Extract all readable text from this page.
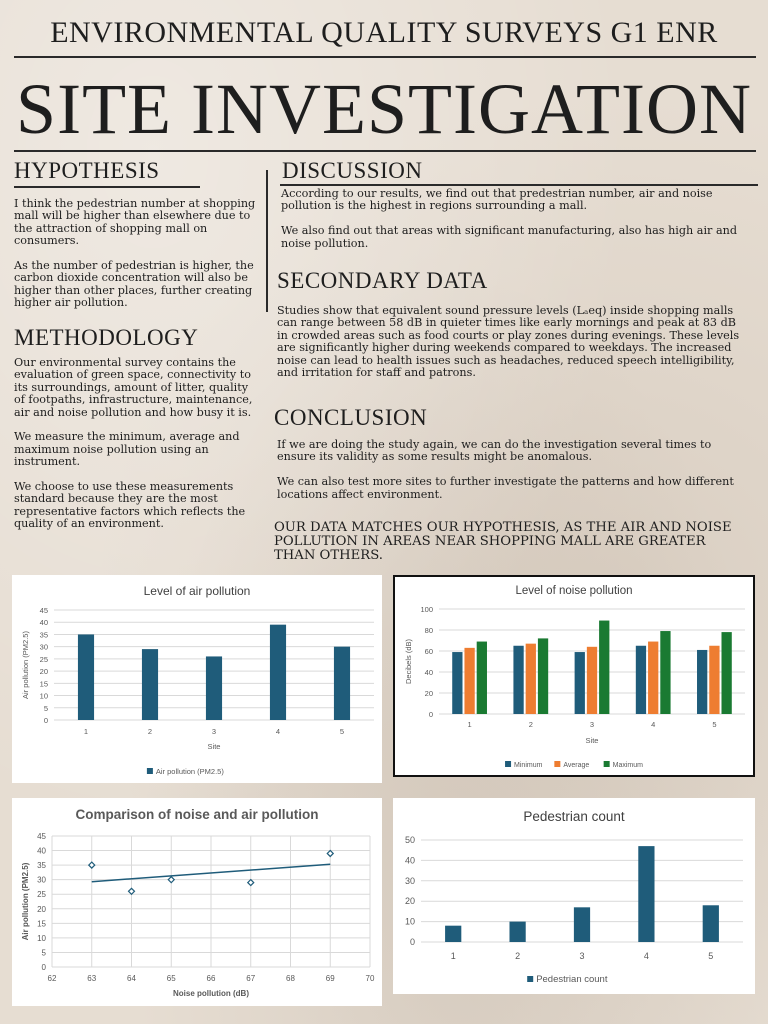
ENVIRONMENTAL QUALITY SURVEYS G1 ENR
SITE INVESTIGATION
HYPOTHESIS

I think the pedestrian number at shopping mall will be higher than elsewhere due to the attraction of shopping mall on consumers.

As the number of pedestrian is higher, the carbon dioxide concentration will also be higher than other places, further creating higher air pollution.

METHODOLOGY

Our environmental survey contains the evaluation of green space, connectivity to its surroundings, amount of litter, quality of footpaths, infrastructure, maintenance, air and noise pollution and how busy it is.

We measure the minimum, average and maximum noise pollution using an instrument.

We choose to use these measurements standard because they are the most representative factors which reflects the quality of an environment.

DISCUSSION

According to our results, we find out that predestrian number, air and noise pollution is the highest in regions surrounding a mall.

We also find out that areas with significant manufacturing, also has high air and noise pollution.

SECONDARY DATA

Studies show that equivalent sound pressure levels (Lₐeq) inside shopping malls can range between 58 dB in quieter times like early mornings and peak at 83 dB in crowded areas such as food courts or play zones during evenings. These levels are significantly higher during weekends compared to weekdays. The increased noise can lead to health issues such as headaches, reduced speech intelligibility, and irritation for staff and patrons.

CONCLUSION

If we are doing the study again, we can do the investigation several times to ensure its validity as some results might be anomalous.

We can also test more sites to further investigate the patterns and how different locations affect environment.

OUR DATA MATCHES OUR HYPOTHESIS, AS THE AIR AND NOISE POLLUTION IN AREAS NEAR SHOPPING MALL ARE GREATER THAN OTHERS.
Level of air pollution
0
5
10
15
20
25
30
35
40
45
1	2	3	4	5
Site
Air pollution (PM2.5)
Air pollution (PM2.5)
Level of noise pollution
0
20
40
60
80
100
1	2	3	4	5
Site
Decibels (dB)
Minimum	Average	Maximum
Comparison of noise and air pollution
0
5
10
15
20
25
30
35
40
45
62	63	64	65	66	67	68	69	70
Noise pollution (dB)
Air pollution (PM2.5)
Pedestrian count
0
10
20
30
40
50
1	2	3	4	5
Pedestrian count
